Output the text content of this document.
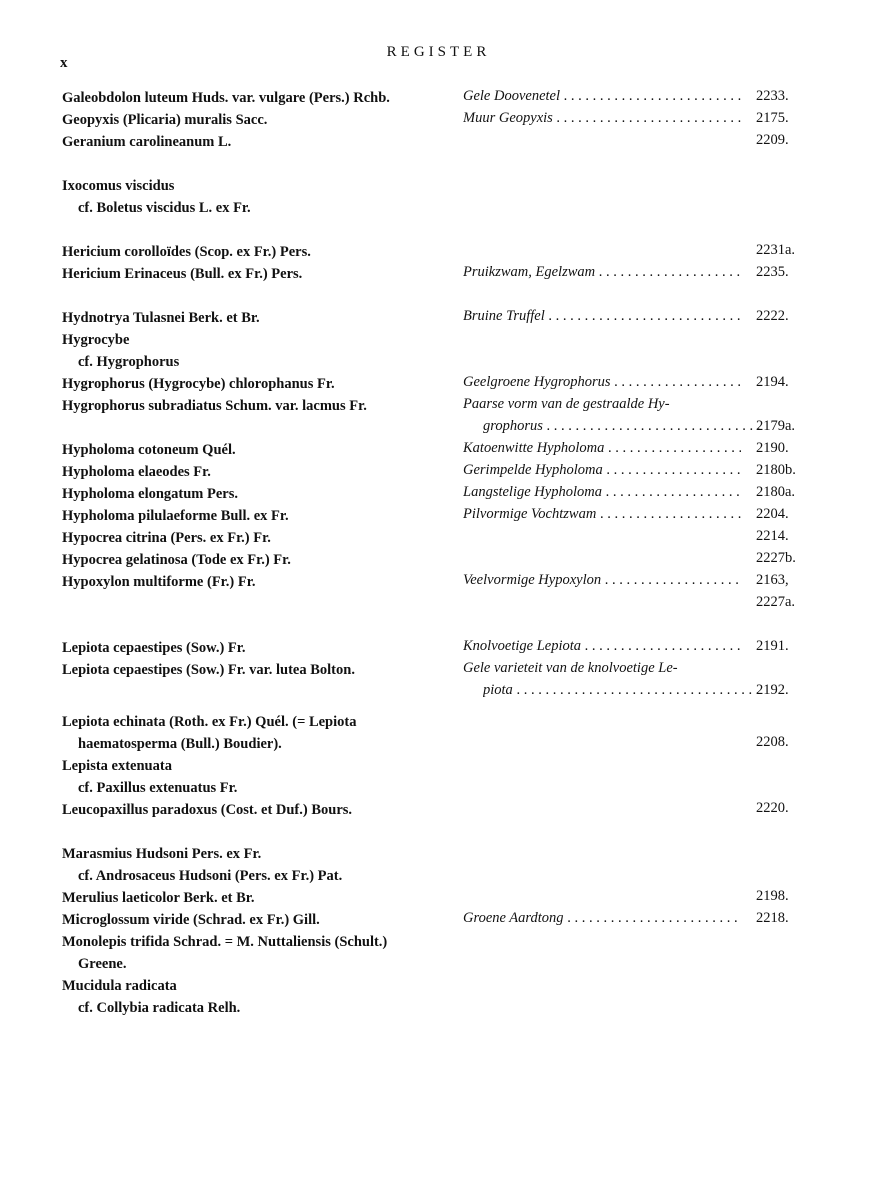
x
REGISTER
Galeobdolon luteum Huds. var. vulgare (Pers.) Rchb.	Gele Doovenetel . . .	2233.
Geopyxis (Plicaria) muralis Sacc.	Muur Geopyxis . . .	2175.
Geranium carolineanum L.	2209.
Ixocomus viscidus
cf. Boletus viscidus L. ex Fr.
Hericium corolloïdes (Scop. ex Fr.) Pers.	2231a.
Hericium Erinaceus (Bull. ex Fr.) Pers.	Pruikzwam, Egelzwam . . .	2235.
Hydnotrya Tulasnei Berk. et Br.	Bruine Truffel . . .	2222.
Hygrocybe
cf. Hygrophorus
Hygrophorus (Hygrocybe) chlorophanus Fr.	Geelgroene Hygrophorus . . .	2194.
Hygrophorus subradiatus Schum. var. lacmus Fr.	Paarse vorm van de gestraalde Hy-
grophorus . . .	2179a.
Hypholoma cotoneum Quél.	Katoenwitte Hypholoma . . .	2190.
Hypholoma elaeodes Fr.	Gerimpelde Hypholoma . . .	2180b.
Hypholoma elongatum Pers.	Langstelige Hypholoma . . .	2180a.
Hypholoma pilulaeforme Bull. ex Fr.	Pilvormige Vochtzwam . . .	2204.
Hypocrea citrina (Pers. ex Fr.) Fr.	2214.
Hypocrea gelatinosa (Tode ex Fr.) Fr.	2227b.
Hypoxylon multiforme (Fr.) Fr.	Veelvormige Hypoxylon . . .	2163,
2227a.
Lepiota cepaestipes (Sow.) Fr.	Knolvoetige Lepiota . . .	2191.
Lepiota cepaestipes (Sow.) Fr. var. lutea Bolton.	Gele varieteit van de knolvoetige Le-
piota . . .	2192.
Lepiota echinata (Roth. ex Fr.) Quél. (= Lepiota
haematosperma (Bull.) Boudier).	2208.
Lepista extenuata
cf. Paxillus extenuatus Fr.
Leucopaxillus paradoxus (Cost. et Duf.) Bours.	2220.
Marasmius Hudsoni Pers. ex Fr.
cf. Androsaceus Hudsoni (Pers. ex Fr.) Pat.
Merulius laeticolor Berk. et Br.	2198.
Microglossum viride (Schrad. ex Fr.) Gill.	Groene Aardtong . . .	2218.
Monolepis trifida Schrad. = M. Nuttaliensis (Schult.)
Greene.
Mucidula radicata
cf. Collybia radicata Relh.
